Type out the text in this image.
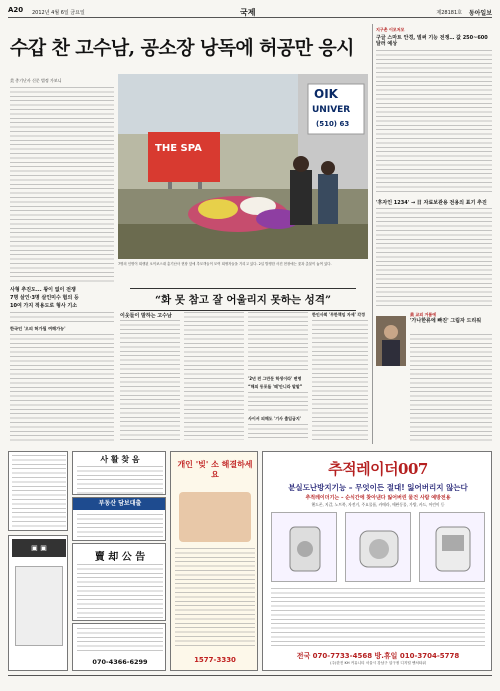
A20 2012년 4월 6일 금요일	국제	제28181호 동아일보
수갑 찬 고수남, 공소장 낭독에 허공만 응시
美 총기난사 신문 법정 가보니
사형 추진도... 왕이 없이 전쟁
7명 살인‧3명 살인미수 혐의 등
10여 가지 적용도로 형사 기소
한국인 '오피 허가될 여해가능'
OIK
UNIVER
(510) 63
THE SPA
7명의 인명이 희생된 오이코스대 총기난사 현장 앞에 추모객들이 모여 희생자들을 기리고 있다. 2일 발생한 사건 현장에는 꽃과 촛불이 놓여 있다.
“화 못 참고 잘 어울리지 못하는 성격”
이웃들이 말하는 고수남
'2년 전 그만둔 학생이라' 변명
“해외 동포들 '떼'안니라 말말”
사이서 피해도 '기사 출입금지'
한인사회 '무한책임 자세' 각정
지구촌 이모저모
구글 스마트 안경, 벌써 기능 전쟁… 값 250~600달러 예상
'후자인 1234' → 日 자료보관용 전용의 표기 추진
美 교외 거품에
'가나한류에 빠진' 그림자 드리워
▣ ▣
사 활 찾 음
부동산 담보대출
賣 却 公 告
070-4366-6299
개인 '빚' 소 해결하세요
1577-3330
추적레이더007
분실도난방지기능 – 무엇이든 절대! 잃어버리지 않는다
추적레이더기는 – 순식간에 찾아낸다 잃어버린 물건 사람 예방전용
핸드폰, 지갑, 노트북, 자전거, 주요물품, 카메라, 애완동물, 가방, 카드, 어린이 등
전국 070-7733-4568 방.휴일 010-3704-5778
(주)한진 KH 커뮤니티 서울시 강남구 압구정 디지털 벤처타워
